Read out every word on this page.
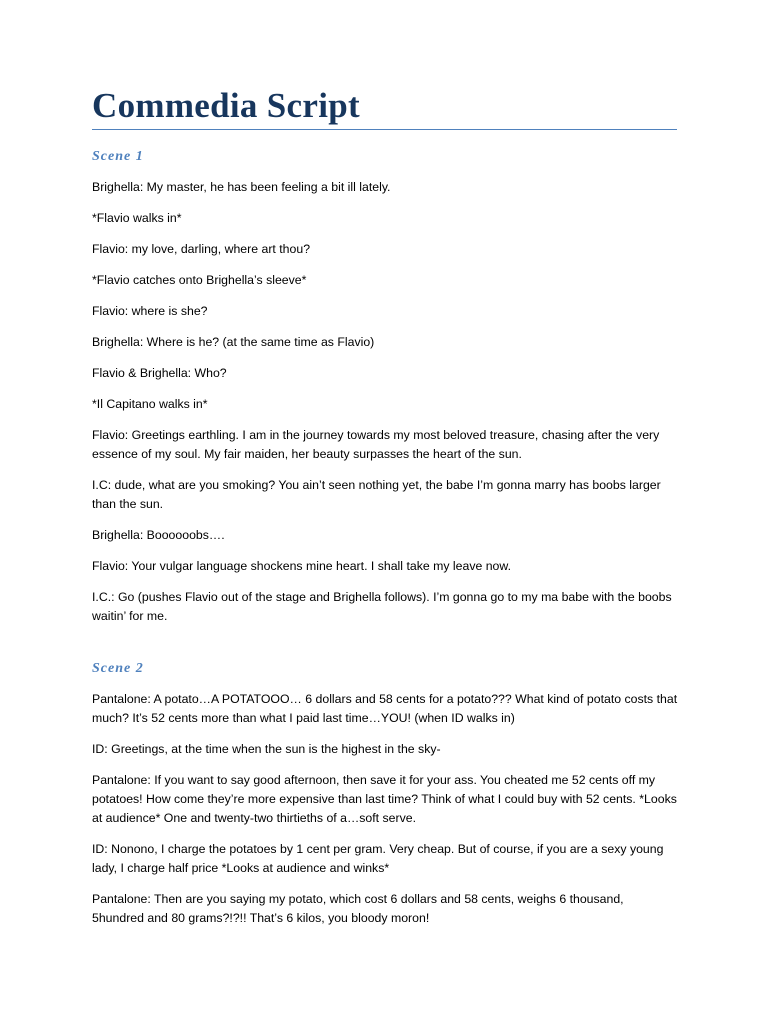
Commedia Script
Scene 1

Brighella: My master, he has been feeling a bit ill lately.

*Flavio walks in*

Flavio: my love, darling, where art thou?

*Flavio catches onto Brighella’s sleeve*

Flavio: where is she?

Brighella: Where is he? (at the same time as Flavio)

Flavio & Brighella: Who?

*Il Capitano walks in*

Flavio: Greetings earthling. I am in the journey towards my most beloved treasure, chasing after the very essence of my soul. My fair maiden, her beauty surpasses the heart of the sun.

I.C: dude, what are you smoking? You ain’t seen nothing yet, the babe I’m gonna marry has boobs larger than the sun.

Brighella: Boooooobs….

Flavio: Your vulgar language shockens mine heart. I shall take my leave now.

I.C.: Go (pushes Flavio out of the stage and Brighella follows). I’m gonna go to my ma babe with the boobs waitin’ for me.

Scene 2

Pantalone: A potato…A POTATOOO… 6 dollars and 58 cents for a potato??? What kind of potato costs that much? It’s 52 cents more than what I paid last time…YOU! (when ID walks in)

ID: Greetings, at the time when the sun is the highest in the sky-

Pantalone: If you want to say good afternoon, then save it for your ass. You cheated me 52 cents off my potatoes! How come they’re more expensive than last time? Think of what I could buy with 52 cents. *Looks at audience* One and twenty-two thirtieths of a…soft serve.

ID: Nonono, I charge the potatoes by 1 cent per gram. Very cheap. But of course, if you are a sexy young lady, I charge half price *Looks at audience and winks*

Pantalone: Then are you saying my potato, which cost 6 dollars and 58 cents, weighs 6 thousand, 5hundred and 80 grams?!?!! That’s 6 kilos, you bloody moron!
